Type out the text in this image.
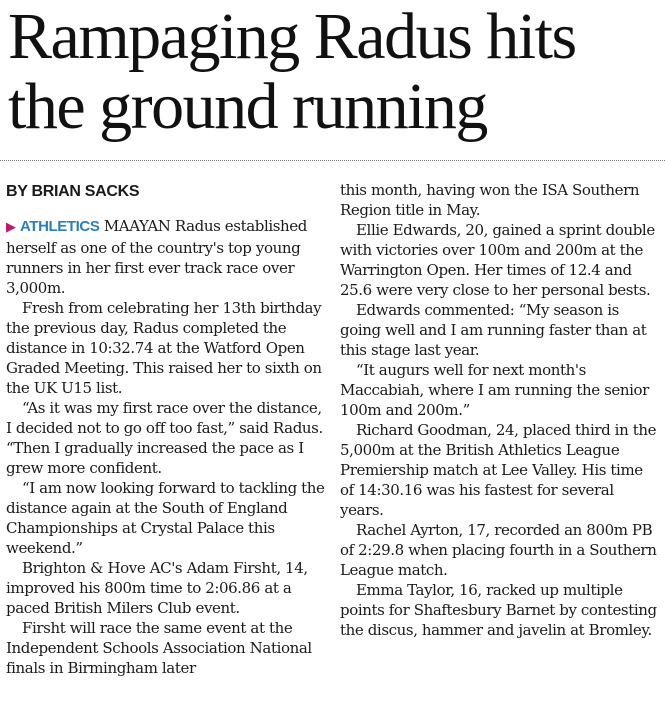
Rampaging Radus hits
the ground running
BY BRIAN SACKS

▶ ATHLETICS MAAYAN Radus established herself as one of the country's top young runners in her first ever track race over 3,000m.

Fresh from celebrating her 13th birthday the previous day, Radus completed the distance in 10:32.74 at the Watford Open Graded Meeting. This raised her to sixth on the UK U15 list.

“As it was my first race over the distance, I decided not to go off too fast,” said Radus. “Then I gradually increased the pace as I grew more confident.

“I am now looking forward to tackling the distance again at the South of England Championships at Crystal Palace this weekend.”

Brighton & Hove AC's Adam Firsht, 14, improved his 800m time to 2:06.86 at a paced British Milers Club event.

Firsht will race the same event at the Independent Schools Association National finals in Birmingham later

this month, having won the ISA Southern Region title in May.

Ellie Edwards, 20, gained a sprint double with victories over 100m and 200m at the Warrington Open. Her times of 12.4 and 25.6 were very close to her personal bests.

Edwards commented: “My season is going well and I am running faster than at this stage last year.

“It augurs well for next month's Maccabiah, where I am running the senior 100m and 200m.”

Richard Goodman, 24, placed third in the 5,000m at the British Athletics League Premiership match at Lee Valley. His time of 14:30.16 was his fastest for several years.

Rachel Ayrton, 17, recorded an 800m PB of 2:29.8 when placing fourth in a Southern League match.

Emma Taylor, 16, racked up multiple points for Shaftesbury Barnet by contesting the discus, hammer and javelin at Bromley.
